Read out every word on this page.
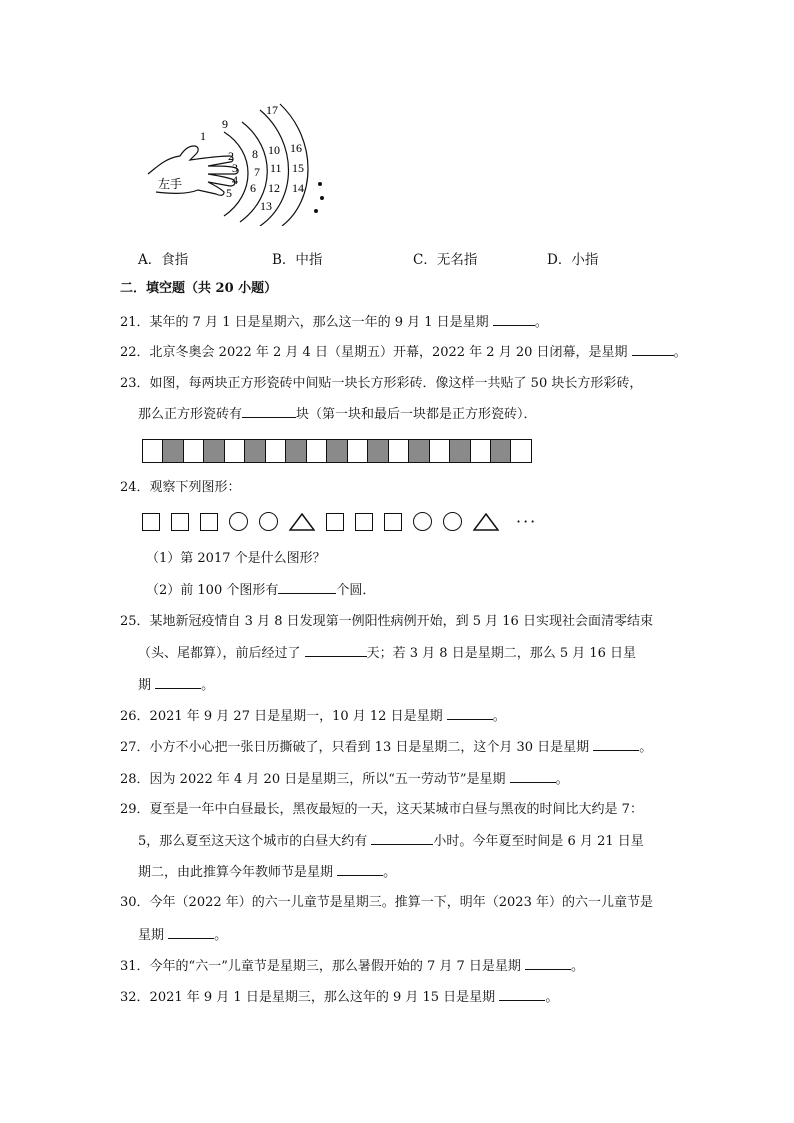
1
2
3
4
5 6
7
8
9
10
11
12
13
14
15
16
17
左手
A．食指	B．中指	C．无名指	D．小指
二．填空题（共 20 小题）
21．某年的 7 月 1 日是星期六，那么这一年的 9 月 1 日是星期	。
22．北京冬奥会 2022 年 2 月 4 日（星期五）开幕，2022 年 2 月 20 日闭幕，是星期	。
23．如图，每两块正方形瓷砖中间贴一块长方形彩砖．像这样一共贴了 50 块长方形彩砖，
那么正方形瓷砖有	块（第一块和最后一块都是正方形瓷砖）．
24．观察下列图形：
···
（1）第 2017 个是什么图形？
（2）前 100 个图形有	个圆．
25．某地新冠疫情自 3 月 8 日发现第一例阳性病例开始，到 5 月 16 日实现社会面清零结束
（头、尾都算），前后经过了	天；若 3 月 8 日是星期二，那么 5 月 16 日星
期	。
26．2021 年 9 月 27 日是星期一，10 月 12 日是星期	。
27．小方不小心把一张日历撕破了，只看到 13 日是星期二，这个月 30 日是星期	。
28．因为 2022 年 4 月 20 日是星期三，所以“五一劳动节”是星期	。
29．夏至是一年中白昼最长，黑夜最短的一天，这天某城市白昼与黑夜的时间比大约是 7：
5，那么夏至这天这个城市的白昼大约有	小时。今年夏至时间是 6 月 21 日星
期二，由此推算今年教师节是星期	。
30．今年（2022 年）的六一儿童节是星期三。推算一下，明年（2023 年）的六一儿童节是
星期	。
31．今年的“六一”儿童节是星期三，那么暑假开始的 7 月 7 日是星期	。
32．2021 年 9 月 1 日是星期三，那么这年的 9 月 15 日是星期	。
